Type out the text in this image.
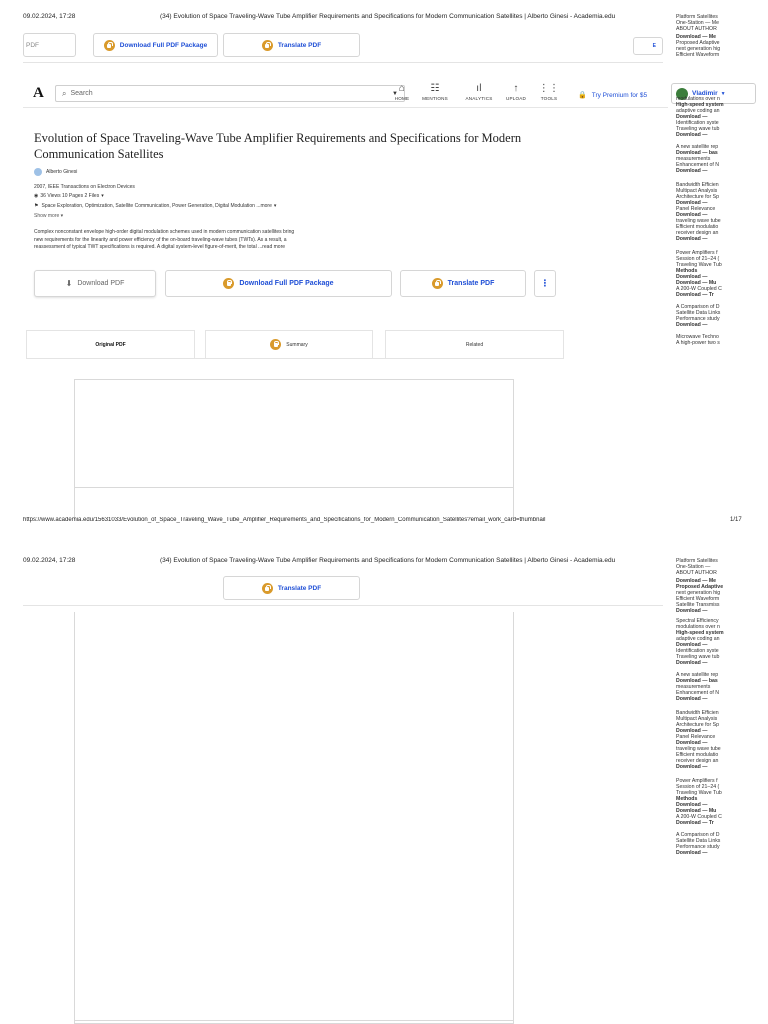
09.02.2024, 17:28	(34) Evolution of Space Traveling-Wave Tube Amplifier Requirements and Specifications for Modern Communication Satellites | Alberto Ginesi - Academia.edu
PDF	Download Full PDF Package	Translate PDF	E
A ⌕ Search	▼ ⌂
HOME
☷
MENTIONS
ıl
ANALYTICS
↑
UPLOAD
⋮⋮
TOOLS	🔒 Try Premium for $5	Vladimir ▼
Evolution of Space Traveling-Wave Tube Amplifier Requirements and Specifications for Modern
Communication Satellites
Alberto Ginesi
2007, IEEE Transactions on Electron Devices
◉ 36 Views 10 Pages 2 Files ▾
⚑ Space Exploration, Optimization, Satellite Communication, Power Generation, Digital Modulation ...more ▾
Show more ▾
Complex nonconstant envelope high-order digital modulation schemes used in modern communication satellites bring
new requirements for the linearity and power efficiency of the on-board traveling-wave tubes (TWTs). As a result, a
reassessment of typical TWT specifications is required. A digital system-level figure-of-merit, the total ...read more
⬇ Download PDF	Download Full PDF Package	Translate PDF	⋮
Original PDF	Summary	Related
Platform Satellites
One-Station — Me
ABOUT AUTHOR
Download — Me
Proposed Adaptive
next generation hig
Efficient Waveform
modulations over n
High-speed system
adaptive coding an
Download —
Identification syste
Traveling wave tub
Download —
A new satellite rep
Download — bas
measurements
Enhancement of N
Download —
Bandwidth Efficien
Multipact Analysis
Architecture for Sp
Download —
Panel Relevance
Download —
traveling wave tube
Efficient modulatio
receiver design an
Download —
Power Amplifiers f
Session of 21–24 (
Traveling Wave Tub
Methods
Download —
Download — Mu
A 200-W Coupled C
Download — Tr
A Comparison of D
Satellite Data Links
Performance study
Download —
Microwave Techno
A high-power two s
https://www.academia.edu/15631033/Evolution_of_Space_Traveling_Wave_Tube_Amplifier_Requirements_and_Specifications_for_Modern_Communication_Satellites?email_work_card=thumbnail	1/17
09.02.2024, 17:28	(34) Evolution of Space Traveling-Wave Tube Amplifier Requirements and Specifications for Modern Communication Satellites | Alberto Ginesi - Academia.edu
Translate PDF
Platform Satellites
One-Station —
ABOUT AUTHOR
Download — Me
Proposed Adaptive
next generation hig
Efficient Waveform
Satellite Transmiss
Download —
Spectral Efficiency
modulations over n
High-speed system
adaptive coding an
Download —
Identification syste
Traveling wave tub
Download —
A new satellite rep
Download — bas
measurements
Enhancement of N
Download —
Bandwidth Efficien
Multipact Analysis
Architecture for Sp
Download —
Panel Relevance
Download —
traveling wave tube
Efficient modulatio
receiver design an
Download —
Power Amplifiers f
Session of 21–24 (
Traveling Wave Tub
Methods
Download —
Download — Mu
A 200-W Coupled C
Download — Tr
A Comparison of D
Satellite Data Links
Performance study
Download —
